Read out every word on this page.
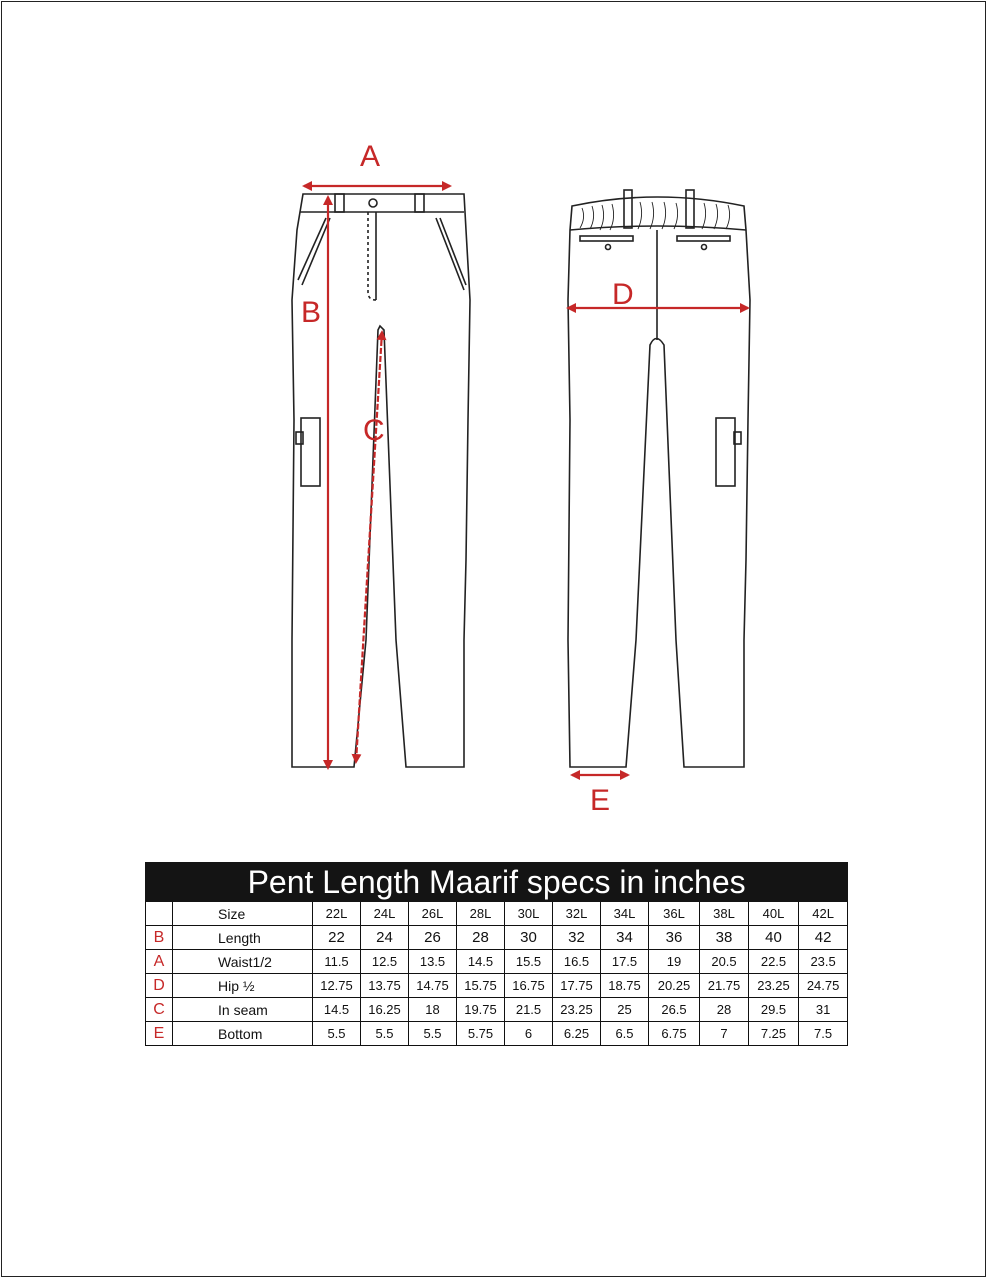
A
B
C
D
E
Pent Length Maarif specs in inches												
	Size	22L	24L	26L	28L	30L	32L	34L	36L	38L	40L	42L
B	Length	22	24	26	28	30	32	34	36	38	40	42
A	Waist1/2	11.5	12.5	13.5	14.5	15.5	16.5	17.5	19	20.5	22.5	23.5
D	Hip ½	12.75	13.75	14.75	15.75	16.75	17.75	18.75	20.25	21.75	23.25	24.75
C	In seam	14.5	16.25	18	19.75	21.5	23.25	25	26.5	28	29.5	31
E	Bottom	5.5	5.5	5.5	5.75	6	6.25	6.5	6.75	7	7.25	7.5
